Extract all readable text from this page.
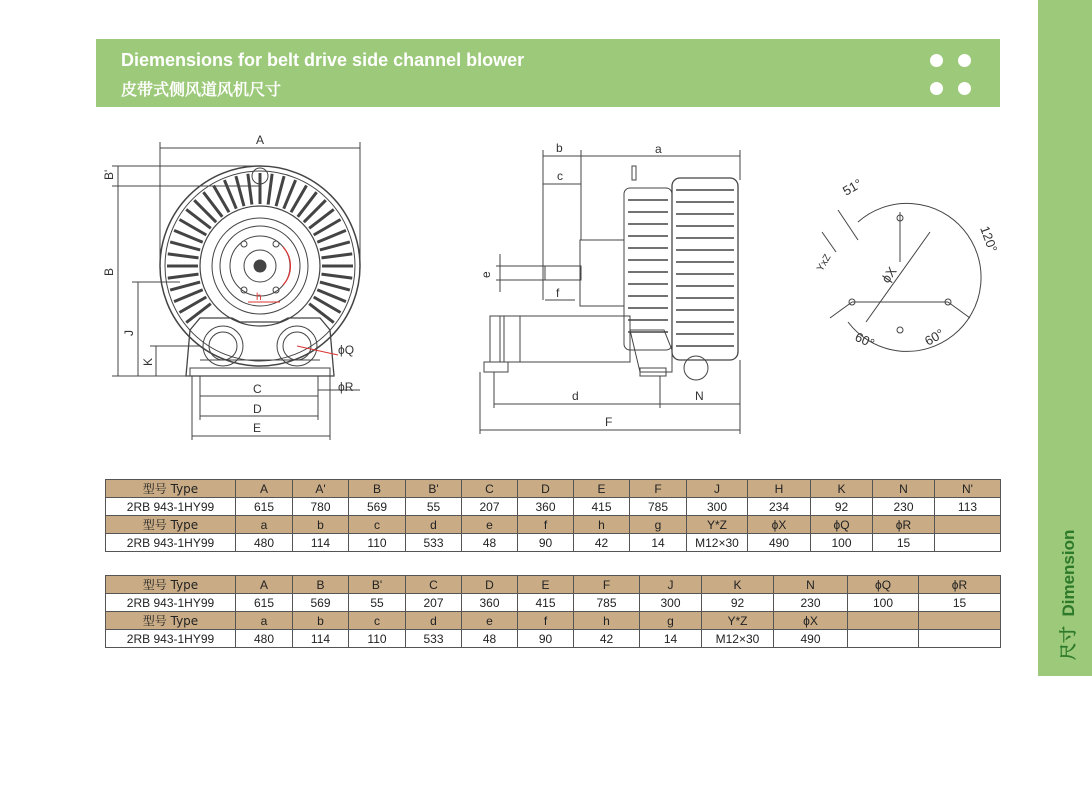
Diemensions for belt drive side channel blower
皮带式侧风道风机尺寸
尺寸  Dimension
A
B'
B
J
K
C
D
E
ϕQ
ϕR
h
b	a
c
e
f
d	N
F
51°
120°
60°	60°
YxZ
ϕX
型号 Type	A	A'	B	B'	C	D	E	F	J	H	K	N	N'
2RB 943-1HY99	615	780	569	55	207	360	415	785	300	234	92	230	113
型号 Type	a	b	c	d	e	f	h	g	Y*Z	ϕX	ϕQ	ϕR	
2RB 943-1HY99	480	114	110	533	48	90	42	14	M12×30	490	100	15	
型号 Type	A	B	B'	C	D	E	F	J	K	N	ϕQ	ϕR
2RB 943-1HY99	615	569	55	207	360	415	785	300	92	230	100	15
型号 Type	a	b	c	d	e	f	h	g	Y*Z	ϕX		
2RB 943-1HY99	480	114	110	533	48	90	42	14	M12×30	490		
